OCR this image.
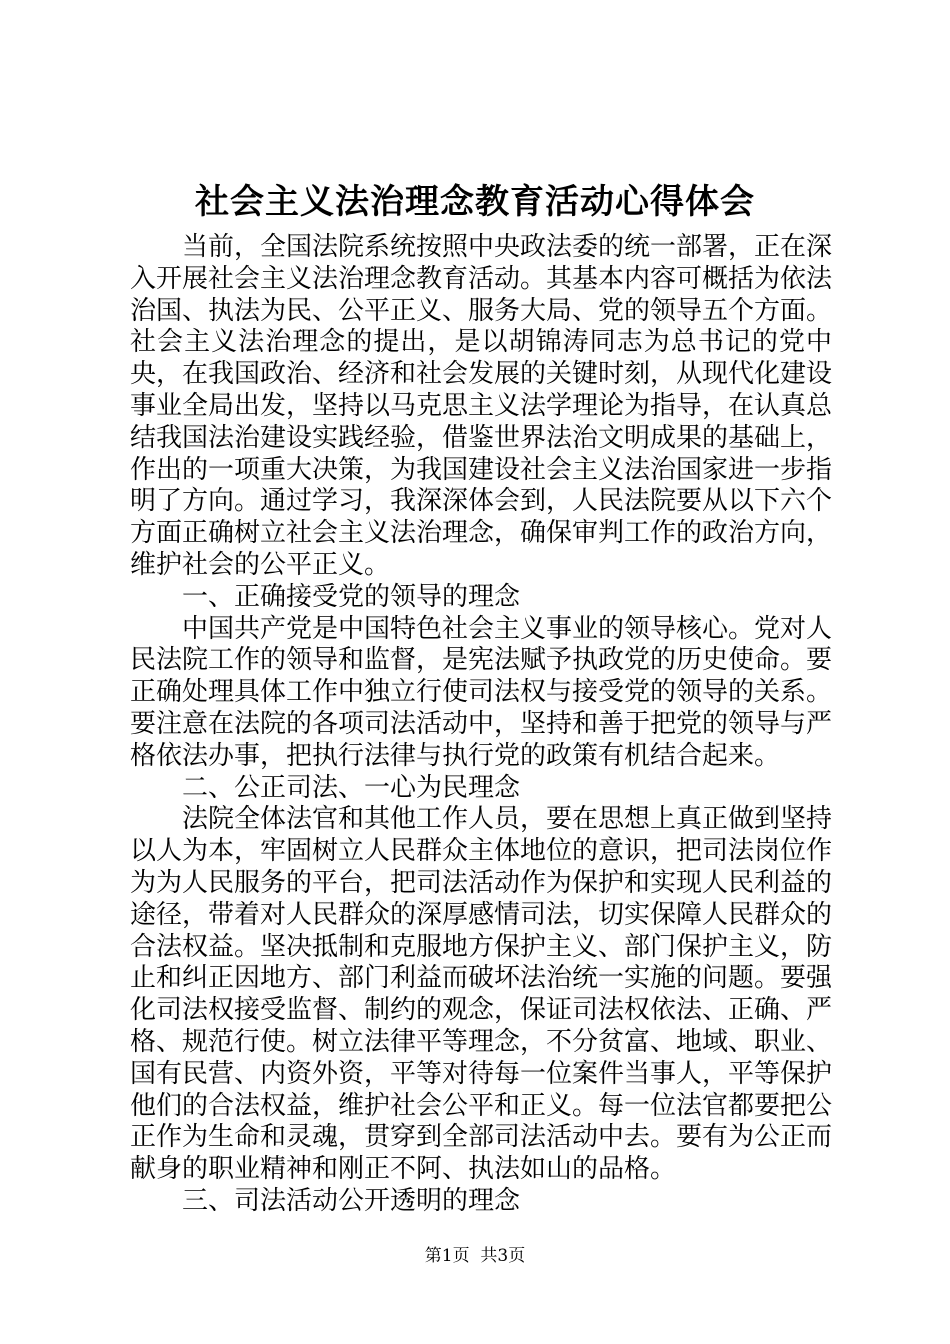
社会主义法治理念教育活动心得体会

当前，全国法院系统按照中央政法委的统一部署，正在深入开展社会主义法治理念教育活动。其基本内容可概括为依法治国、执法为民、公平正义、服务大局、党的领导五个方面。社会主义法治理念的提出，是以胡锦涛同志为总书记的党中央，在我国政治、经济和社会发展的关键时刻，从现代化建设事业全局出发，坚持以马克思主义法学理论为指导，在认真总结我国法治建设实践经验，借鉴世界法治文明成果的基础上，作出的一项重大决策，为我国建设社会主义法治国家进一步指明了方向。通过学习，我深深体会到，人民法院要从以下六个方面正确树立社会主义法治理念，确保审判工作的政治方向，维护社会的公平正义。

一、正确接受党的领导的理念

中国共产党是中国特色社会主义事业的领导核心。党对人民法院工作的领导和监督，是宪法赋予执政党的历史使命。要正确处理具体工作中独立行使司法权与接受党的领导的关系。要注意在法院的各项司法活动中，坚持和善于把党的领导与严格依法办事，把执行法律与执行党的政策有机结合起来。

二、公正司法、一心为民理念

法院全体法官和其他工作人员，要在思想上真正做到坚持以人为本，牢固树立人民群众主体地位的意识，把司法岗位作为为人民服务的平台，把司法活动作为保护和实现人民利益的途径，带着对人民群众的深厚感情司法，切实保障人民群众的合法权益。坚决抵制和克服地方保护主义、部门保护主义，防止和纠正因地方、部门利益而破坏法治统一实施的问题。要强化司法权接受监督、制约的观念，保证司法权依法、正确、严格、规范行使。树立法律平等理念，不分贫富、地域、职业、国有民营、内资外资，平等对待每一位案件当事人，平等保护他们的合法权益，维护社会公平和正义。每一位法官都要把公正作为生命和灵魂，贯穿到全部司法活动中去。要有为公正而献身的职业精神和刚正不阿、执法如山的品格。

三、司法活动公开透明的理念

第1页 共3页
